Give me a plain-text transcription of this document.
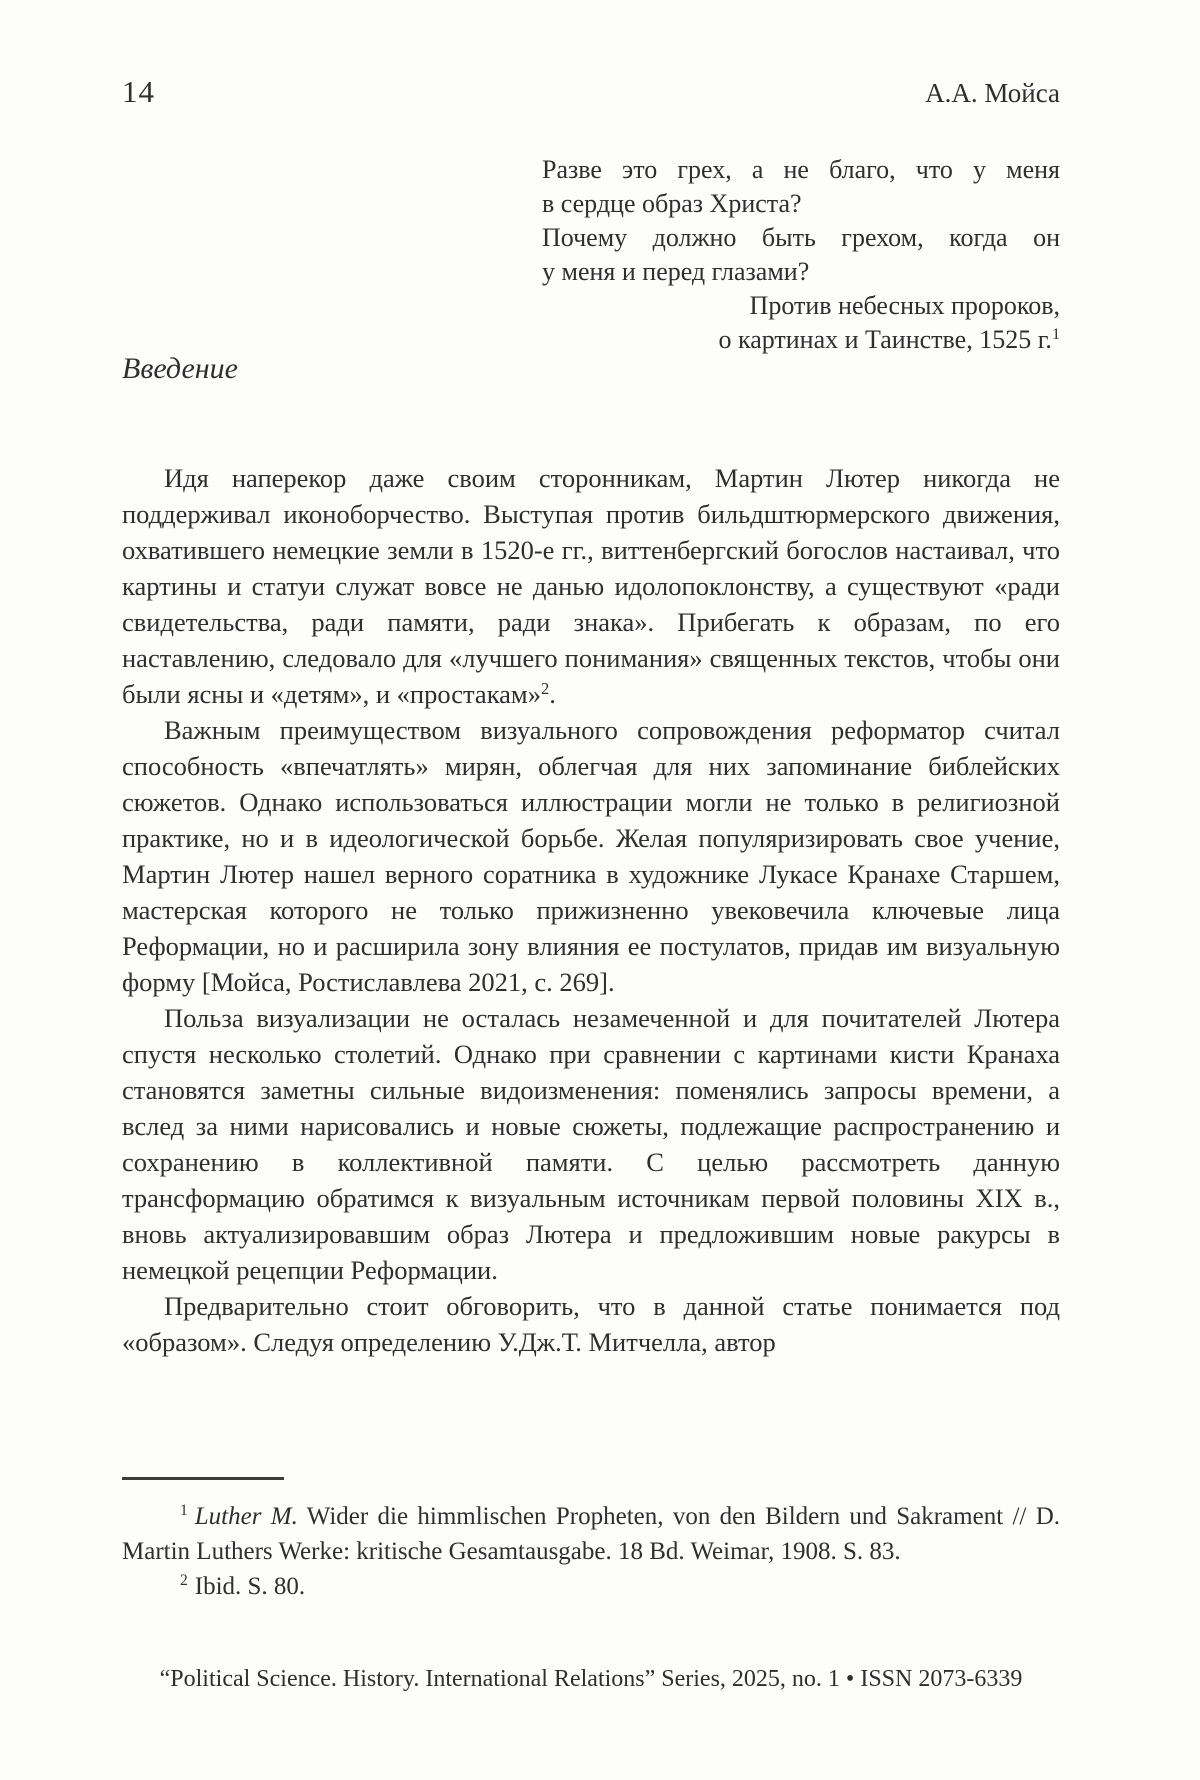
14	А.А. Мойса
Разве это грех, а не благо, что у меня
в сердце образ Христа?
Почему должно быть грехом, когда он
у меня и перед глазами?
Против небесных пророков,
о картинах и Таинстве, 1525 г.$^1$
Введение

Идя наперекор даже своим сторонникам, Мартин Лютер никогда не поддерживал иконоборчество. Выступая против бильдштюрмерского движения, охватившего немецкие земли в 1520-е гг., виттенбергский богослов настаивал, что картины и статуи служат вовсе не данью идолопоклонству, а существуют «ради свидетельства, ради памяти, ради знака». Прибегать к образам, по его наставлению, следовало для «лучшего понимания» священных текстов, чтобы они были ясны и «детям», и «простакам»$^2$.

Важным преимуществом визуального сопровождения реформатор считал способность «впечатлять» мирян, облегчая для них запоминание библейских сюжетов. Однако использоваться иллюстрации могли не только в религиозной практике, но и в идеологической борьбе. Желая популяризировать свое учение, Мартин Лютер нашел верного соратника в художнике Лукасе Кранахе Старшем, мастерская которого не только прижизненно увековечила ключевые лица Реформации, но и расширила зону влияния ее постулатов, придав им визуальную форму [Мойса, Ростиславлева 2021, с. 269].

Польза визуализации не осталась незамеченной и для почитателей Лютера спустя несколько столетий. Однако при сравнении с картинами кисти Кранаха становятся заметны сильные видоизменения: поменялись запросы времени, а вслед за ними нарисовались и новые сюжеты, подлежащие распространению и сохранению в коллективной памяти. С целью рассмотреть данную трансформацию обратимся к визуальным источникам первой половины XIX в., вновь актуализировавшим образ Лютера и предложившим новые ракурсы в немецкой рецепции Реформации.

Предварительно стоит обговорить, что в данной статье понимается под «образом». Следуя определению У.Дж.Т. Митчелла, автор

$^1$ Luther M. Wider die himmlischen Propheten, von den Bildern und Sakrament // D. Martin Luthers Werke: kritische Gesamtausgabe. 18 Bd. Weimar, 1908. S. 83.

$^2$ Ibid. S. 80.

“Political Science. History. International Relations” Series, 2025, no. 1 • ISSN 2073-6339
